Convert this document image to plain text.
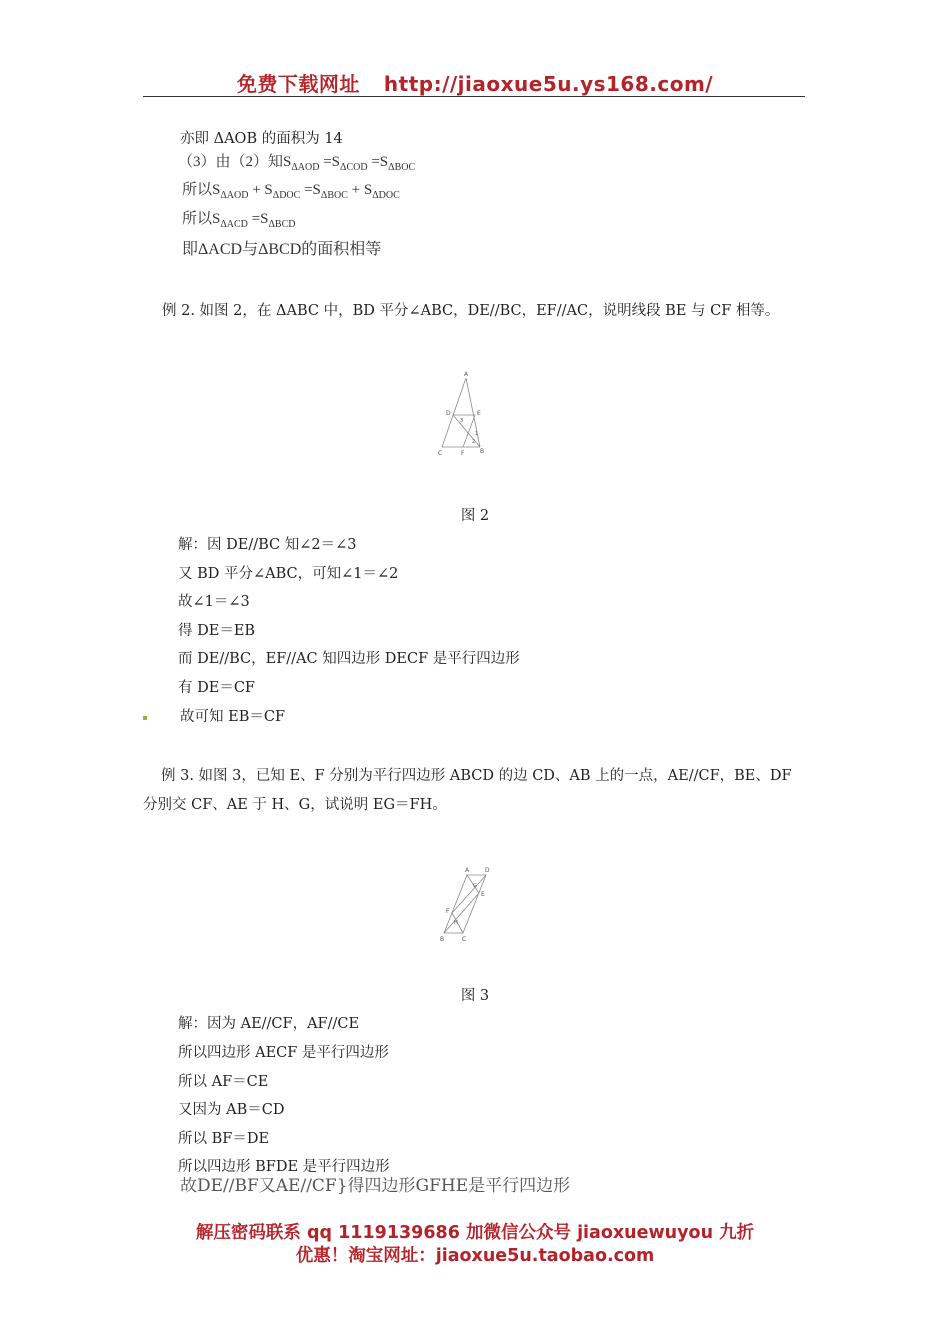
免费下载网址 http://jiaoxue5u.ys168.com/
亦即 ΔAOB 的面积为 14
（3）由（2）知$S_{\Delta AOD} =S_{\Delta COD} =S_{\Delta BOC}$
所以$S_{\Delta AOD} + S_{\Delta DOC} =S_{\Delta BOC} + S_{\Delta DOC}$
所以$S_{\Delta ACD} =S_{\Delta BCD}$
即ΔACD与ΔBCD的面积相等
例 2. 如图 2，在 ΔABC 中，BD 平分∠ABC，DE//BC，EF//AC，说明线段 BE 与 CF 相等。
A
D	E
C	F	B
3
1
2
图 2
解：因 DE//BC 知∠2＝∠3
又 BD 平分∠ABC，可知∠1＝∠2
故∠1＝∠3
得 DE＝EB
而 DE//BC，EF//AC 知四边形 DECF 是平行四边形
有 DE＝CF
故可知 EB＝CF
例 3. 如图 3，已知 E、F 分别为平行四边形 ABCD 的边 CD、AB 上的一点，AE//CF，BE、DF 分别交 CF、AE 于 H、G，试说明 EG＝FH。
A	D
G
E
F
H
B	C
图 3
解：因为 AE//CF，AF//CE
所以四边形 AECF 是平行四边形
所以 AF＝CE
又因为 AB＝CD
所以 BF＝DE
所以四边形 BFDE 是平行四边形
故DE//BF又AE//CF}得四边形GFHE是平行四边形
解压密码联系 qq 1119139686 加微信公众号 jiaoxuewuyou 九折
优惠！淘宝网址：jiaoxue5u.taobao.com
